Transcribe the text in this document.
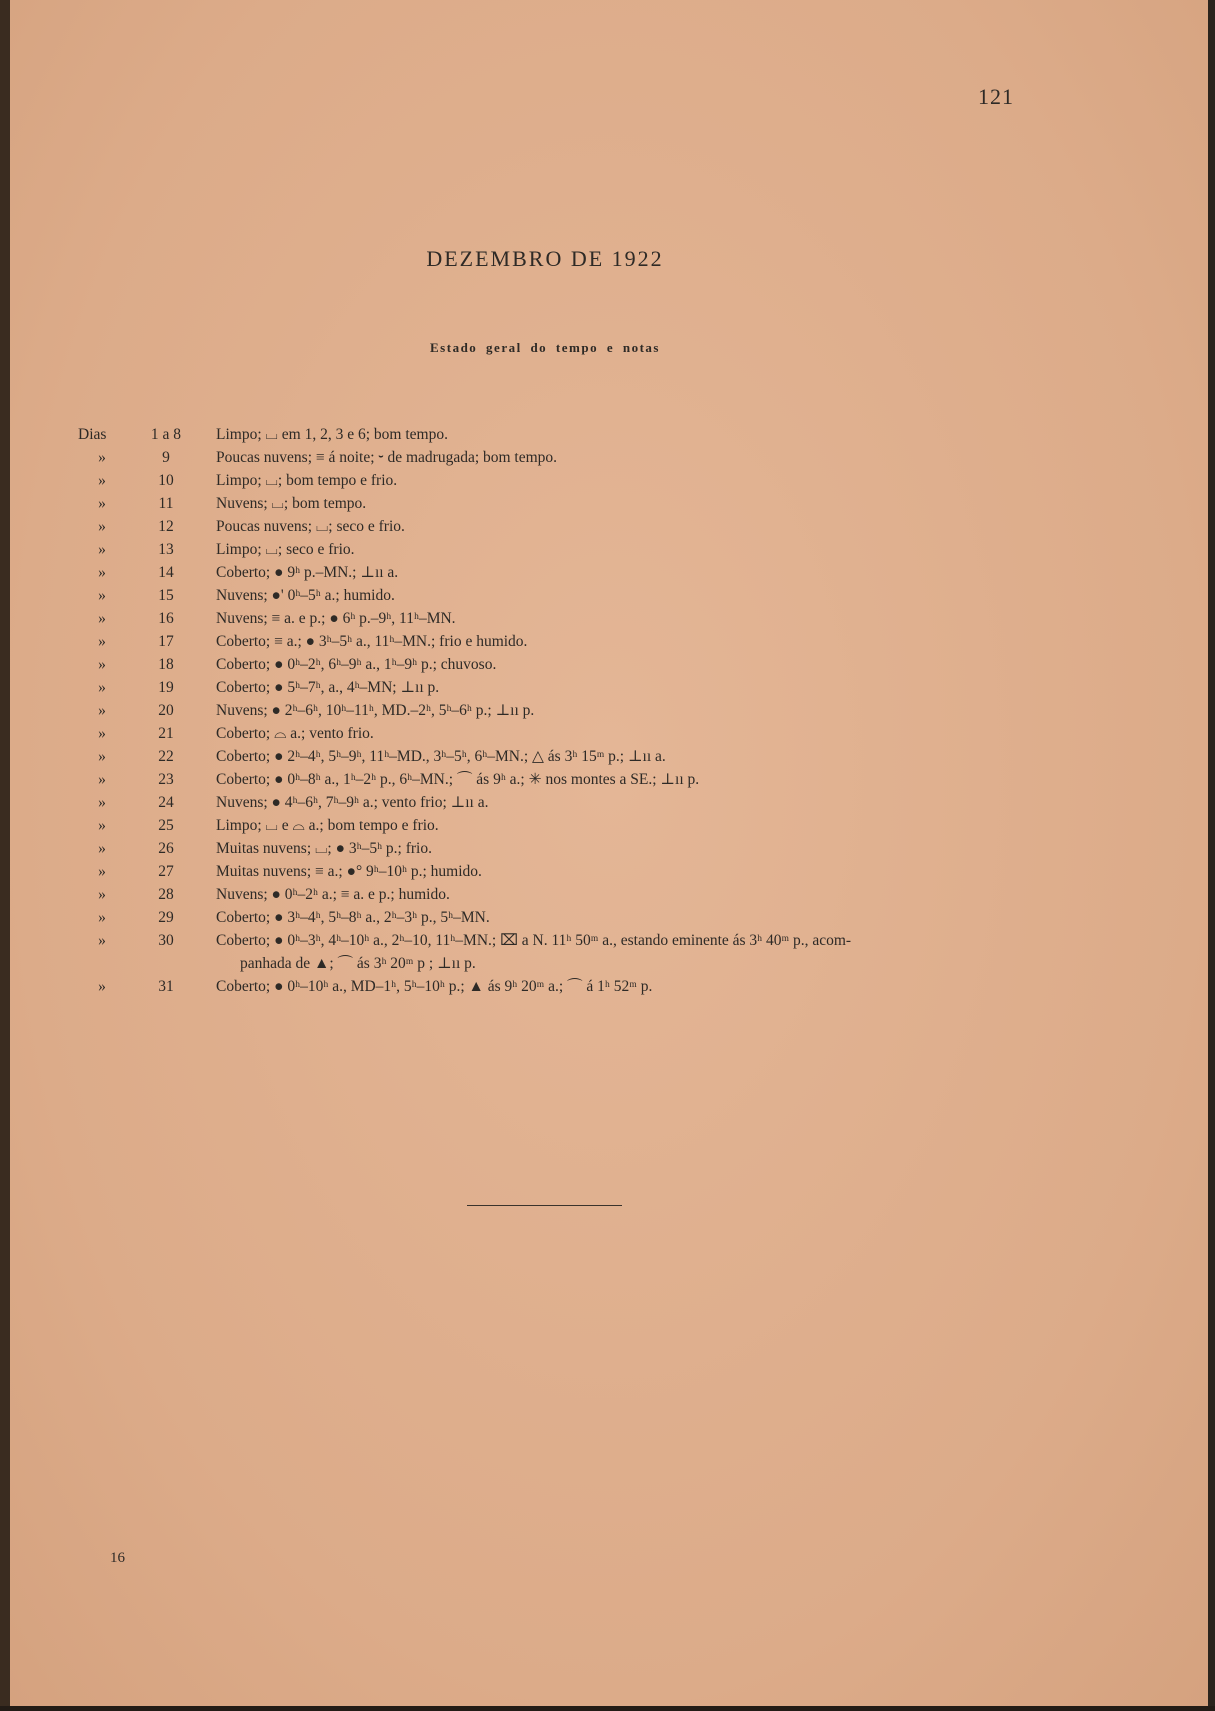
121
DEZEMBRO DE 1922
Estado geral do tempo e notas
Dias	1 a 8	Limpo; ⌴ em 1, 2, 3 e 6; bom tempo.
»	9	Poucas nuvens; ≡ á noite; ⏑ de madrugada; bom tempo.
»	10	Limpo; ⌴; bom tempo e frio.
»	11	Nuvens; ⌴; bom tempo.
»	12	Poucas nuvens; ⌴; seco e frio.
»	13	Limpo; ⌴; seco e frio.
»	14	Coberto; ● 9ʰ p.–MN.; ⊥ıı a.
»	15	Nuvens; ●' 0ʰ–5ʰ a.; humido.
»	16	Nuvens; ≡ a. e p.; ● 6ʰ p.–9ʰ, 11ʰ–MN.
»	17	Coberto; ≡ a.; ● 3ʰ–5ʰ a., 11ʰ–MN.; frio e humido.
»	18	Coberto; ● 0ʰ–2ʰ, 6ʰ–9ʰ a., 1ʰ–9ʰ p.; chuvoso.
»	19	Coberto; ● 5ʰ–7ʰ, a., 4ʰ–MN; ⊥ıı p.
»	20	Nuvens; ● 2ʰ–6ʰ, 10ʰ–11ʰ, MD.–2ʰ, 5ʰ–6ʰ p.; ⊥ıı p.
»	21	Coberto; ⌓ a.; vento frio.
»	22	Coberto; ● 2ʰ–4ʰ, 5ʰ–9ʰ, 11ʰ–MD., 3ʰ–5ʰ, 6ʰ–MN.; △ ás 3ʰ 15ᵐ p.; ⊥ıı a.
»	23	Coberto; ● 0ʰ–8ʰ a., 1ʰ–2ʰ p., 6ʰ–MN.; ⌒ ás 9ʰ a.; ✳ nos montes a SE.; ⊥ıı p.
»	24	Nuvens; ● 4ʰ–6ʰ, 7ʰ–9ʰ a.; vento frio; ⊥ıı a.
»	25	Limpo; ⌴ e ⌓ a.; bom tempo e frio.
»	26	Muitas nuvens; ⌴; ● 3ʰ–5ʰ p.; frio.
»	27	Muitas nuvens; ≡ a.; ●° 9ʰ–10ʰ p.; humido.
»	28	Nuvens; ● 0ʰ–2ʰ a.; ≡ a. e p.; humido.
»	29	Coberto; ● 3ʰ–4ʰ, 5ʰ–8ʰ a., 2ʰ–3ʰ p., 5ʰ–MN.
»	30	Coberto; ● 0ʰ–3ʰ, 4ʰ–10ʰ a., 2ʰ–10, 11ʰ–MN.; ⌧ a N. 11ʰ 50ᵐ a., estando eminente ás 3ʰ 40ᵐ p., acom-
panhada de ▲; ⌒ ás 3ʰ 20ᵐ p ; ⊥ıı p.
»	31	Coberto; ● 0ʰ–10ʰ a., MD–1ʰ, 5ʰ–10ʰ p.; ▲ ás 9ʰ 20ᵐ a.; ⌒ á 1ʰ 52ᵐ p.
16
